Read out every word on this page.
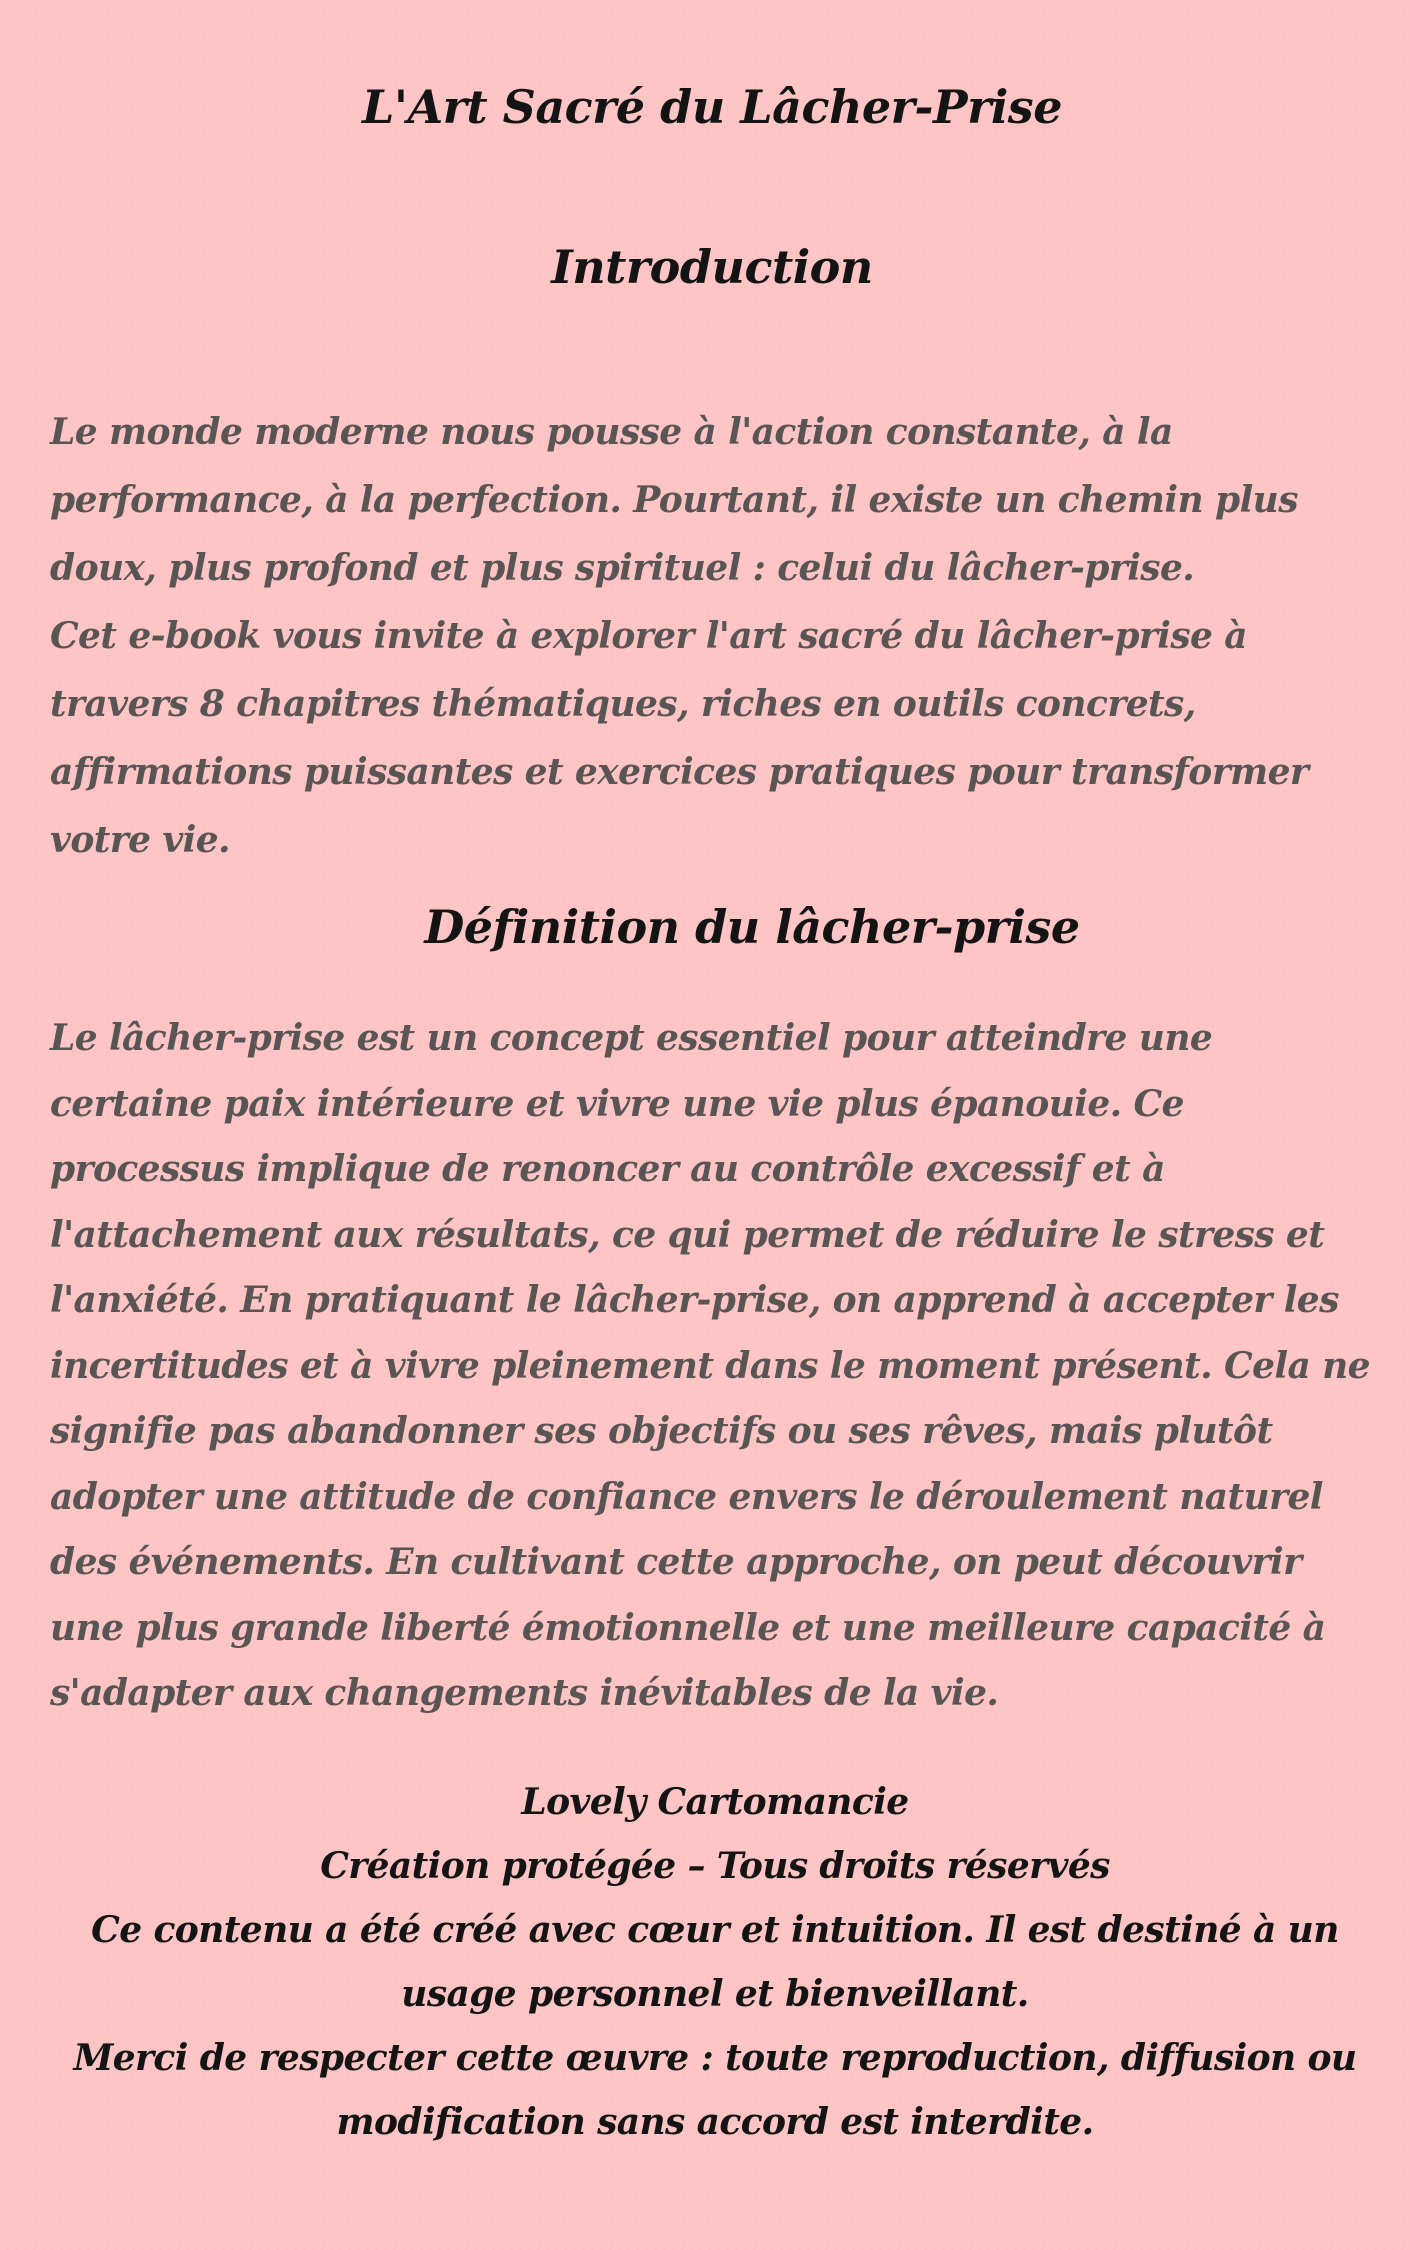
L'Art Sacré du Lâcher-Prise
Introduction

Le monde moderne nous pousse à l'action constante, à la performance, à la perfection. Pourtant, il existe un chemin plus doux, plus profond et plus spirituel : celui du lâcher-prise.

Cet e-book vous invite à explorer l'art sacré du lâcher-prise à travers 8 chapitres thématiques, riches en outils concrets, affirmations puissantes et exercices pratiques pour transformer votre vie.

Définition du lâcher-prise

Le lâcher-prise est un concept essentiel pour atteindre une certaine paix intérieure et vivre une vie plus épanouie. Ce processus implique de renoncer au contrôle excessif et à l'attachement aux résultats, ce qui permet de réduire le stress et l'anxiété. En pratiquant le lâcher-prise, on apprend à accepter les incertitudes et à vivre pleinement dans le moment présent. Cela ne signifie pas abandonner ses objectifs ou ses rêves, mais plutôt adopter une attitude de confiance envers le déroulement naturel des événements. En cultivant cette approche, on peut découvrir une plus grande liberté émotionnelle et une meilleure capacité à s'adapter aux changements inévitables de la vie.

Lovely Cartomancie
Création protégée – Tous droits réservés
Ce contenu a été créé avec cœur et intuition. Il est destiné à un usage personnel et bienveillant.
Merci de respecter cette œuvre : toute reproduction, diffusion ou modification sans accord est interdite.
